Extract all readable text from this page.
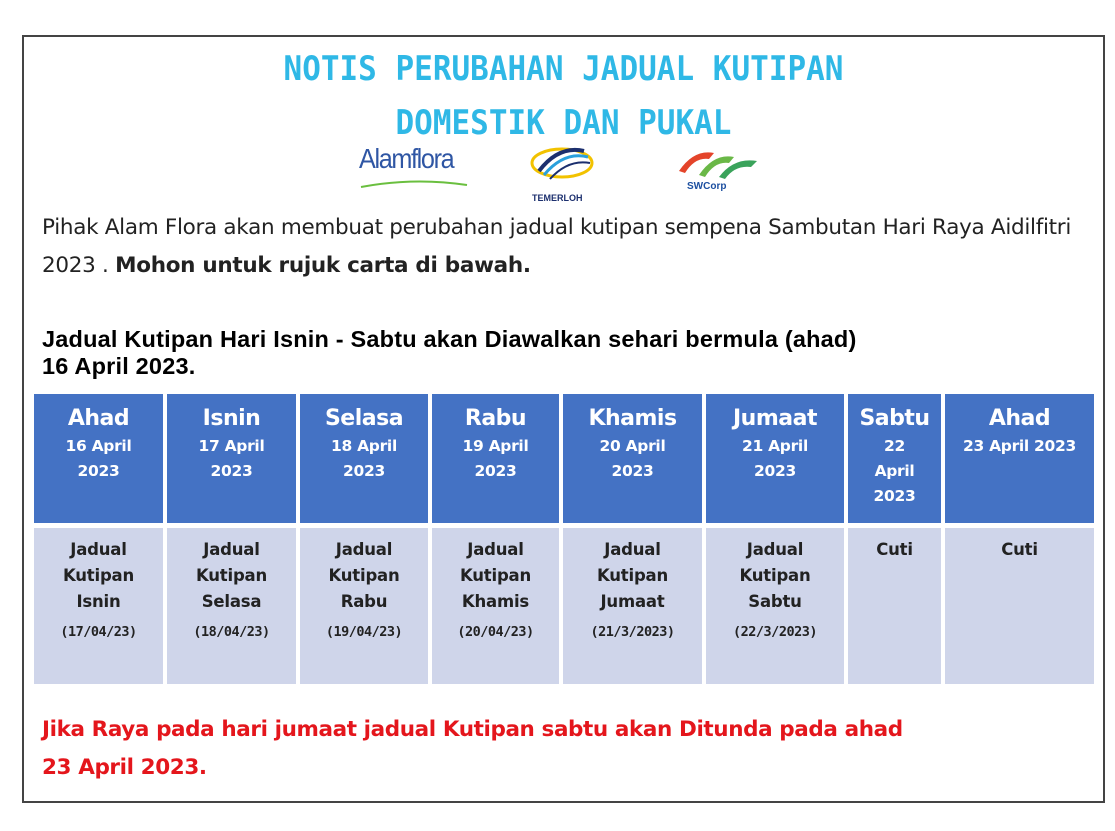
NOTIS PERUBAHAN JADUAL KUTIPAN
DOMESTIK DAN PUKAL
Alamflora
TEMERLOH
SWCorp
Pihak Alam Flora akan membuat perubahan jadual kutipan sempena Sambutan Hari Raya Aidilfitri 2023 . Mohon untuk rujuk carta di bawah.
Jadual Kutipan Hari Isnin - Sabtu akan Diawalkan sehari bermula (ahad)
16 April 2023.
Ahad
16 April
2023
Jadual
Kutipan
Isnin
(17/04/23)
Isnin
17 April
2023
Jadual
Kutipan
Selasa
(18/04/23)
Selasa
18 April
2023
Jadual
Kutipan
Rabu
(19/04/23)
Rabu
19 April
2023
Jadual
Kutipan
Khamis
(20/04/23)
Khamis
20 April
2023
Jadual
Kutipan
Jumaat
(21/3/2023)
Jumaat
21 April
2023
Jadual
Kutipan
Sabtu
(22/3/2023)
Sabtu
22
April
2023
Cuti
Ahad
23 April 2023
Cuti
Jika Raya pada hari jumaat jadual Kutipan sabtu akan Ditunda pada ahad
23 April 2023.
